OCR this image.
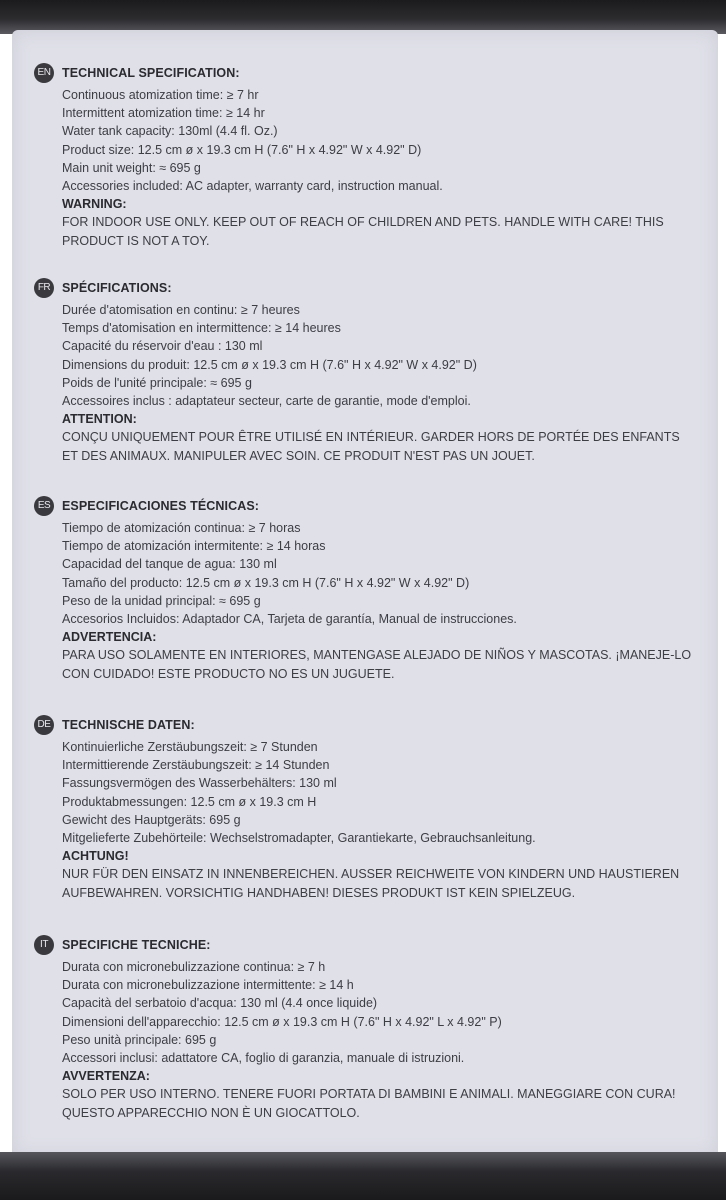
EN TECHNICAL SPECIFICATION:
Continuous atomization time: ≥ 7 hr
Intermittent atomization time: ≥ 14 hr
Water tank capacity: 130ml (4.4 fl. Oz.)
Product size: 12.5 cm ø x 19.3 cm H (7.6" H x 4.92" W x 4.92" D)
Main unit weight: ≈ 695 g
Accessories included: AC adapter, warranty card, instruction manual.
WARNING:
FOR INDOOR USE ONLY. KEEP OUT OF REACH OF CHILDREN AND PETS. HANDLE WITH CARE! THIS PRODUCT IS NOT A TOY.
FR SPÉCIFICATIONS:
Durée d'atomisation en continu: ≥ 7 heures
Temps d'atomisation en intermittence: ≥ 14 heures
Capacité du réservoir d'eau : 130 ml
Dimensions du produit: 12.5 cm ø x 19.3 cm H (7.6" H x 4.92" W x 4.92" D)
Poids de l'unité principale: ≈ 695 g
Accessoires inclus : adaptateur secteur, carte de garantie, mode d'emploi.
ATTENTION:
CONÇU UNIQUEMENT POUR ÊTRE UTILISÉ EN INTÉRIEUR. GARDER HORS DE PORTÉE DES ENFANTS ET DES ANIMAUX. MANIPULER AVEC SOIN. CE PRODUIT N'EST PAS UN JOUET.
ES ESPECIFICACIONES TÉCNICAS:
Tiempo de atomización continua: ≥ 7 horas
Tiempo de atomización intermitente: ≥ 14 horas
Capacidad del tanque de agua: 130 ml
Tamaño del producto: 12.5 cm ø x 19.3 cm H (7.6" H x 4.92" W x 4.92" D)
Peso de la unidad principal: ≈ 695 g
Accesorios Incluidos: Adaptador CA, Tarjeta de garantía, Manual de instrucciones.
ADVERTENCIA:
PARA USO SOLAMENTE EN INTERIORES, MANTENGASE ALEJADO DE NIÑOS Y MASCOTAS. ¡MANEJE-LO CON CUIDADO! ESTE PRODUCTO NO ES UN JUGUETE.
DE TECHNISCHE DATEN:
Kontinuierliche Zerstäubungszeit: ≥ 7 Stunden
Intermittierende Zerstäubungszeit: ≥ 14 Stunden
Fassungsvermögen des Wasserbehälters: 130 ml
Produktabmessungen: 12.5 cm ø x 19.3 cm H
Gewicht des Hauptgeräts: 695 g
Mitgelieferte Zubehörteile: Wechselstromadapter, Garantiekarte, Gebrauchsanleitung.
ACHTUNG!
NUR FÜR DEN EINSATZ IN INNENBEREICHEN. AUSSER REICHWEITE VON KINDERN UND HAUSTIEREN AUFBEWAHREN. VORSICHTIG HANDHABEN! DIESES PRODUKT IST KEIN SPIELZEUG.
IT	SPECIFICHE TECNICHE:
Durata con micronebulizzazione continua: ≥ 7 h
Durata con micronebulizzazione intermittente: ≥ 14 h
Capacità del serbatoio d'acqua: 130 ml (4.4 once liquide)
Dimensioni dell'apparecchio: 12.5 cm ø x 19.3 cm H (7.6" H x 4.92" L x 4.92" P)
Peso unità principale: 695 g
Accessori inclusi: adattatore CA, foglio di garanzia, manuale di istruzioni.
AVVERTENZA:
SOLO PER USO INTERNO. TENERE FUORI PORTATA DI BAMBINI E ANIMALI. MANEGGIARE CON CURA! QUESTO APPARECCHIO NON È UN GIOCATTOLO.
